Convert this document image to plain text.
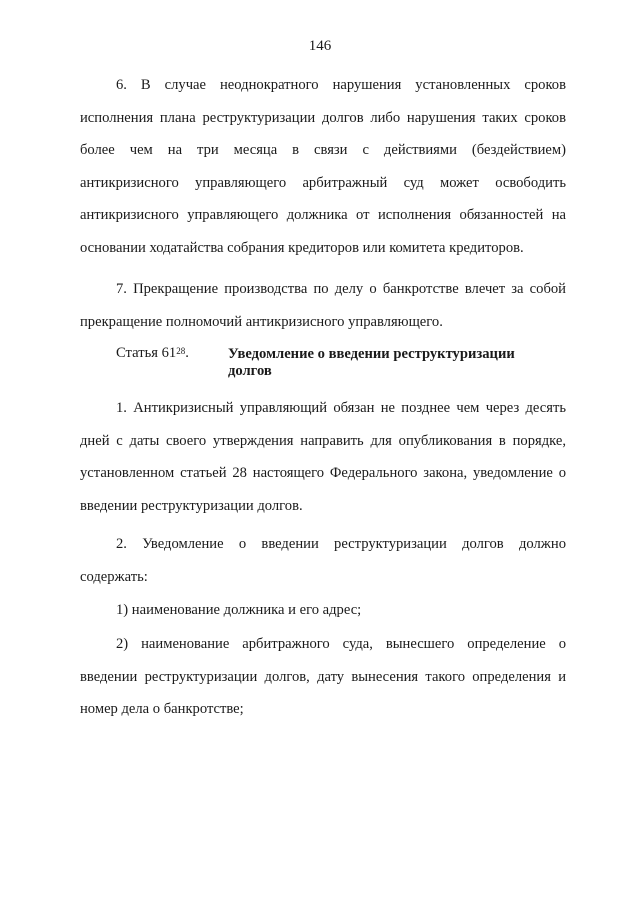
146

6. В случае неоднократного нарушения установленных сроков исполнения плана реструктуризации долгов либо нарушения таких сроков более чем на три месяца в связи с действиями (бездействием) антикризисного управляющего арбитражный суд может освободить антикризисного управляющего должника от исполнения обязанностей на основании ходатайства собрания кредиторов или комитета кредиторов.

7. Прекращение производства по делу о банкротстве влечет за собой прекращение полномочий антикризисного управляющего.

Статья $61^{28}$.	Уведомление о введении реструктуризации долгов

1. Антикризисный управляющий обязан не позднее чем через десять дней с даты своего утверждения направить для опубликования в порядке, установленном статьей 28 настоящего Федерального закона, уведомление о введении реструктуризации долгов.

2. Уведомление о введении реструктуризации долгов должно содержать:

1) наименование должника и его адрес;

2) наименование арбитражного суда, вынесшего определение о введении реструктуризации долгов, дату вынесения такого определения и номер дела о банкротстве;
